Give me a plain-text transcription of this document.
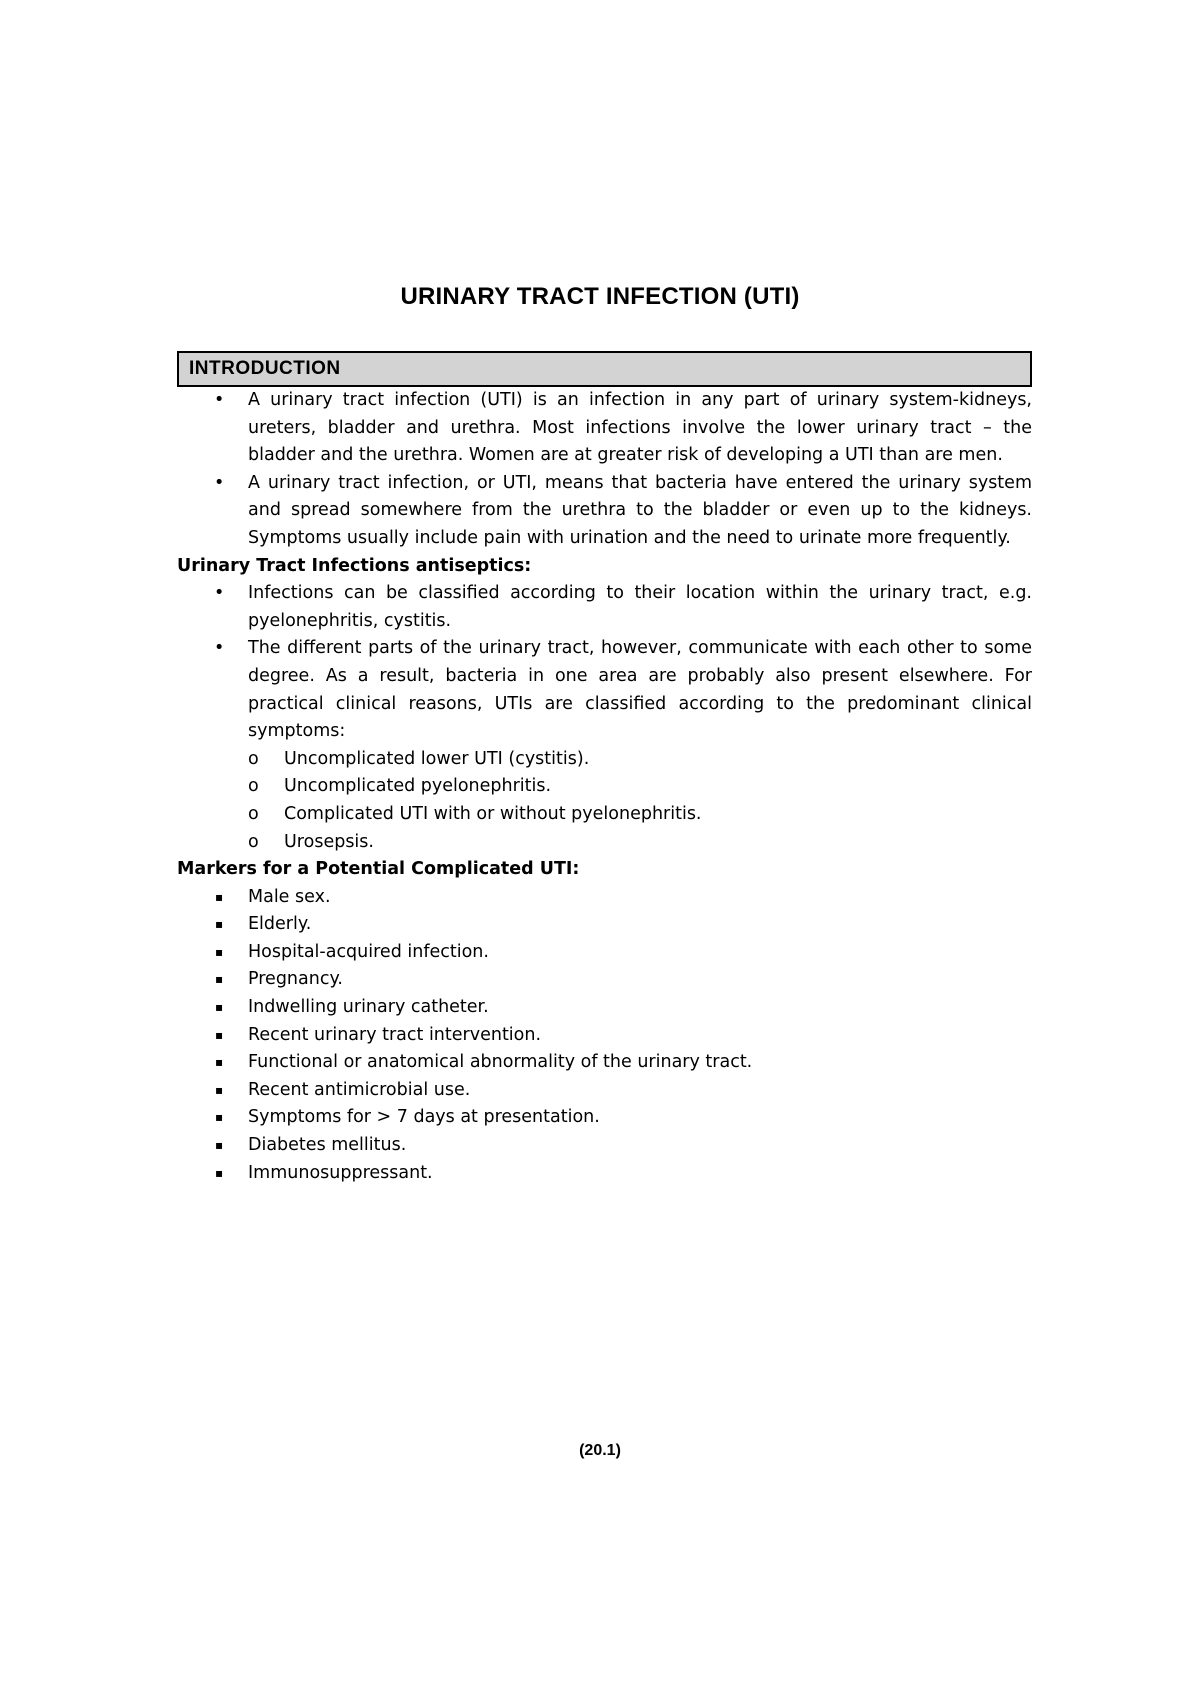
URINARY TRACT INFECTION (UTI)
INTRODUCTION
•	A urinary tract infection (UTI) is an infection in any part of urinary system-kidneys, ureters, bladder and urethra. Most infections involve the lower urinary tract – the bladder and the urethra. Women are at greater risk of developing a UTI than are men.
•	A urinary tract infection, or UTI, means that bacteria have entered the urinary system and spread somewhere from the urethra to the bladder or even up to the kidneys. Symptoms usually include pain with urination and the need to urinate more frequently.
Urinary Tract Infections antiseptics:
•	Infections can be classified according to their location within the urinary tract, e.g. pyelonephritis, cystitis.
•	The different parts of the urinary tract, however, communicate with each other to some degree. As a result, bacteria in one area are probably also present elsewhere. For practical clinical reasons, UTIs are classified according to the predominant clinical symptoms:
o Uncomplicated lower UTI (cystitis).
o Uncomplicated pyelonephritis.
o Complicated UTI with or without pyelonephritis.
o Urosepsis.
Markers for a Potential Complicated UTI:
▪	Male sex.
▪	Elderly.
▪	Hospital-acquired infection.
▪	Pregnancy.
▪	Indwelling urinary catheter.
▪	Recent urinary tract intervention.
▪	Functional or anatomical abnormality of the urinary tract.
▪	Recent antimicrobial use.
▪	Symptoms for > 7 days at presentation.
▪	Diabetes mellitus.
▪	Immunosuppressant.
(20.1)
